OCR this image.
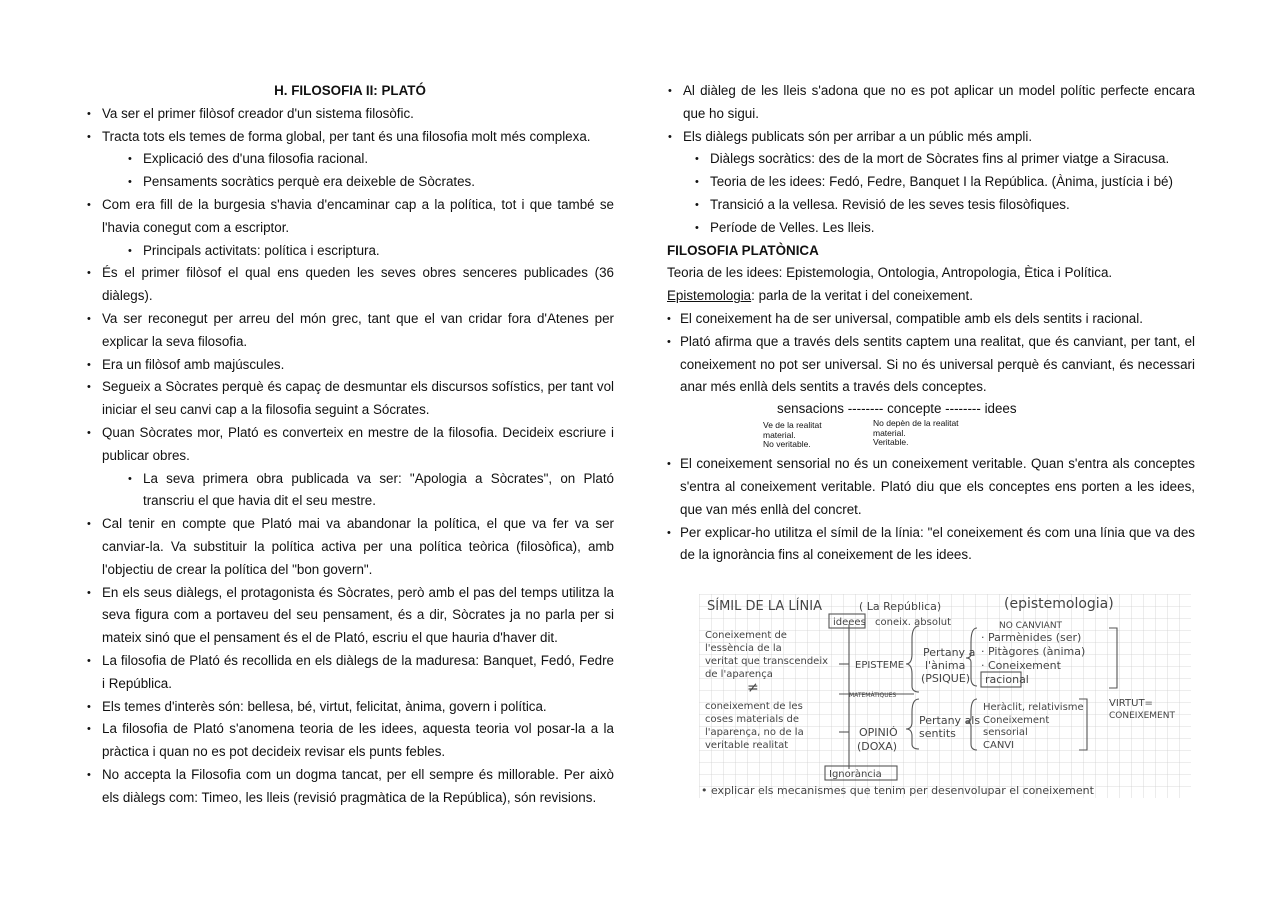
H. FILOSOFIA II: PLATÓ

• Va ser el primer filòsof creador d'un sistema filosòfic.
• Tracta tots els temes de forma global, per tant és una filosofia molt més complexa.
• Explicació des d'una filosofia racional.
• Pensaments socràtics perquè era deixeble de Sòcrates.
• Com era fill de la burgesia s'havia d'encaminar cap a la política, tot i que també se l'havia conegut com a escriptor.
• Principals activitats: política i escriptura.
• És el primer filòsof el qual ens queden les seves obres senceres publicades (36 diàlegs).
• Va ser reconegut per arreu del món grec, tant que el van cridar fora d'Atenes per explicar la seva filosofia.
• Era un filòsof amb majúscules.
• Segueix a Sòcrates perquè és capaç de desmuntar els discursos sofístics, per tant vol iniciar el seu canvi cap a la filosofia seguint a Sócrates.
• Quan Sòcrates mor, Plató es converteix en mestre de la filosofia. Decideix escriure i publicar obres.
• La seva primera obra publicada va ser: "Apologia a Sòcrates", on Plató transcriu el que havia dit el seu mestre.
• Cal tenir en compte que Plató mai va abandonar la política, el que va fer va ser canviar-la. Va substituir la política activa per una política teòrica (filosòfica), amb l'objectiu de crear la política del "bon govern".
• En els seus diàlegs, el protagonista és Sòcrates, però amb el pas del temps utilitza la seva figura com a portaveu del seu pensament, és a dir, Sòcrates ja no parla per si mateix sinó que el pensament és el de Plató, escriu el que hauria d'haver dit.
• La filosofia de Plató és recollida en els diàlegs de la maduresa: Banquet, Fedó, Fedre i República.
• Els temes d'interès són: bellesa, bé, virtut, felicitat, ànima, govern i política.
• La filosofia de Plató s'anomena teoria de les idees, aquesta teoria vol posar-la a la pràctica i quan no es pot decideix revisar els punts febles.
• No accepta la Filosofia com un dogma tancat, per ell sempre és millorable. Per això els diàlegs com: Timeo, les lleis (revisió pragmàtica de la República), són revisions.
• Al diàleg de les lleis s'adona que no es pot aplicar un model polític perfecte encara que ho sigui.
• Els diàlegs publicats són per arribar a un públic més ampli.
• Diàlegs socràtics: des de la mort de Sòcrates fins al primer viatge a Siracusa.
• Teoria de les idees: Fedó, Fedre, Banquet I la República. (Ànima, justícia i bé)
• Transició a la vellesa. Revisió de les seves tesis filosòfiques.
• Període de Velles. Les lleis.

FILOSOFIA PLATÒNICA

Teoria de les idees: Epistemologia, Ontologia, Antropologia, Ètica i Política.

Epistemologia: parla de la veritat i del coneixement.

• El coneixement ha de ser universal, compatible amb els dels sentits i racional.
• Plató afirma que a través dels sentits captem una realitat, que és canviant, per tant, el coneixement no pot ser universal. Si no és universal perquè és canviant, és necessari anar més enllà dels sentits a través dels conceptes.

sensacions -------- concepte -------- idees

Ve de la realitat
material.
No veritable.
No depèn de la realitat
material.
Veritable.
• El coneixement sensorial no és un coneixement veritable. Quan s'entra als conceptes s'entra al coneixement veritable. Plató diu que els conceptes ens porten a les idees, que van més enllà del concret.
• Per explicar-ho utilitza el símil de la línia: "el coneixement és com una línia que va des de la ignorància fins al coneixement de les idees.
SÍMIL DE LA LÍNIA	( La República)	(epistemologia)
NO CANVIANT
ideees coneix. absolut
Coneixement de
l'essència de la
veritat que transcendeix
de l'aparença
≠
coneixement de les
coses materials de
l'aparença, no de la
veritable realitat
EPISTEME
MATEMÀTIQUES
OPINIÓ
(DOXA)
Pertany a
l'ànima
(PSIQUE)
Pertany als
sentits
· Parmènides (ser)
· Pitàgores (ànima)
· Coneixement
racional
Heràclit, relativisme
Coneixement
sensorial
CANVI
VIRTUT=
CONEIXEMENT
Ignorància
• explicar els mecanismes que tenim per desenvolupar el coneixement
